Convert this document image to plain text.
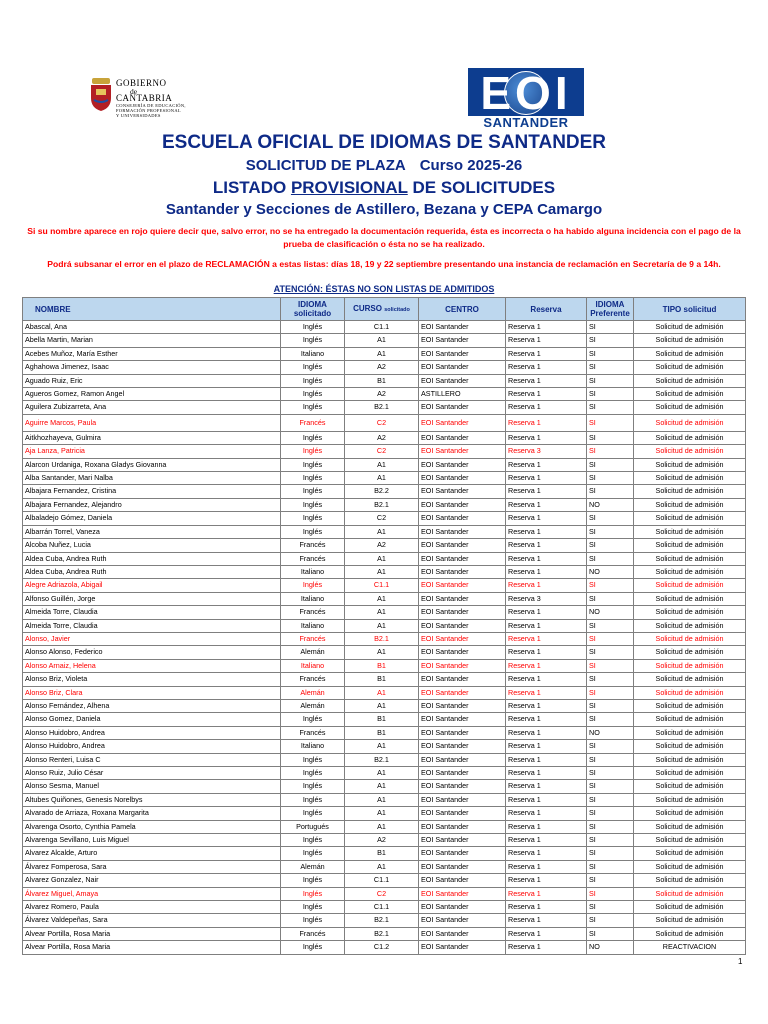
GOBIERNO
de
CANTABRIA
CONSEJERÍA DE EDUCACIÓN,
FORMACIÓN PROFESIONAL
Y UNIVERSIDADES	EOI
SANTANDER
ESCUELA OFICIAL DE IDIOMAS DE SANTANDER
SOLICITUD DE PLAZA Curso 2025-26
LISTADO PROVISIONAL DE SOLICITUDES
Santander y Secciones de Astillero, Bezana y CEPA Camargo
Si su nombre aparece en rojo quiere decir que, salvo error, no se ha entregado la documentación requerida, ésta es incorrecta o ha habido alguna incidencia con el pago de la prueba de clasificación o ésta no se ha realizado.
Podrá subsanar el error en el plazo de RECLAMACIÓN a estas listas: días 18, 19 y 22 septiembre presentando una instancia de reclamación en Secretaría de 9 a 14h.
ATENCIÓN: ÉSTAS NO SON LISTAS DE ADMITIDOS
NOMBRE	IDIOMA
solicitado	CURSO solicitado	CENTRO	Reserva	IDIOMA
Preferente	TIPO solicitud
Abascal, Ana	Inglés	C1.1	EOI Santander	Reserva 1	SI	Solicitud de admisión
Abella Martin, Marian	Inglés	A1	EOI Santander	Reserva 1	SI	Solicitud de admisión
Acebes Muñoz, María Esther	Italiano	A1	EOI Santander	Reserva 1	SI	Solicitud de admisión
Aghahowa Jimenez, Isaac	Inglés	A2	EOI Santander	Reserva 1	SI	Solicitud de admisión
Aguado Ruiz, Eric	Inglés	B1	EOI Santander	Reserva 1	SI	Solicitud de admisión
Agueros Gomez, Ramon Angel	Inglés	A2	ASTILLERO	Reserva 1	SI	Solicitud de admisión
Aguilera Zubizarreta, Ana	Inglés	B2.1	EOI Santander	Reserva 1	SI	Solicitud de admisión
Aguirre Marcos, Paula	Francés	C2	EOI Santander	Reserva 1	SI	Solicitud de admisión
Aitkhozhayeva, Gulmira	Inglés	A2	EOI Santander	Reserva 1	SI	Solicitud de admisión
Aja Lanza, Patricia	Inglés	C2	EOI Santander	Reserva 3	SI	Solicitud de admisión
Alarcon Urdaniga, Roxana Gladys Giovanna	Inglés	A1	EOI Santander	Reserva 1	SI	Solicitud de admisión
Alba Santander, Mari Nalba	Inglés	A1	EOI Santander	Reserva 1	SI	Solicitud de admisión
Albajara Fernandez, Cristina	Inglés	B2.2	EOI Santander	Reserva 1	SI	Solicitud de admisión
Albajara Fernandez, Alejandro	Inglés	B2.1	EOI Santander	Reserva 1	NO	Solicitud de admisión
Albaladejo Gómez, Daniela	Inglés	C2	EOI Santander	Reserva 1	SI	Solicitud de admisión
Albarrán Torrel, Vaneza	Inglés	A1	EOI Santander	Reserva 1	SI	Solicitud de admisión
Alcoba Nuñez, Lucia	Francés	A2	EOI Santander	Reserva 1	SI	Solicitud de admisión
Aldea Cuba, Andrea Ruth	Francés	A1	EOI Santander	Reserva 1	SI	Solicitud de admisión
Aldea Cuba, Andrea Ruth	Italiano	A1	EOI Santander	Reserva 1	NO	Solicitud de admisión
Alegre Adriazola, Abigail	Inglés	C1.1	EOI Santander	Reserva 1	SI	Solicitud de admisión
Alfonso Guillén, Jorge	Italiano	A1	EOI Santander	Reserva 3	SI	Solicitud de admisión
Almeida Torre, Claudia	Francés	A1	EOI Santander	Reserva 1	NO	Solicitud de admisión
Almeida Torre, Claudia	Italiano	A1	EOI Santander	Reserva 1	SI	Solicitud de admisión
Alonso, Javier	Francés	B2.1	EOI Santander	Reserva 1	SI	Solicitud de admisión
Alonso Alonso, Federico	Alemán	A1	EOI Santander	Reserva 1	SI	Solicitud de admisión
Alonso Arnaiz, Helena	Italiano	B1	EOI Santander	Reserva 1	SI	Solicitud de admisión
Alonso Briz, Violeta	Francés	B1	EOI Santander	Reserva 1	SI	Solicitud de admisión
Alonso Briz, Clara	Alemán	A1	EOI Santander	Reserva 1	SI	Solicitud de admisión
Alonso Fernández, Alhena	Alemán	A1	EOI Santander	Reserva 1	SI	Solicitud de admisión
Alonso Gomez, Daniela	Inglés	B1	EOI Santander	Reserva 1	SI	Solicitud de admisión
Alonso Huidobro, Andrea	Francés	B1	EOI Santander	Reserva 1	NO	Solicitud de admisión
Alonso Huidobro, Andrea	Italiano	A1	EOI Santander	Reserva 1	SI	Solicitud de admisión
Alonso Renteri, Luisa C	Inglés	B2.1	EOI Santander	Reserva 1	SI	Solicitud de admisión
Alonso Ruiz, Julio César	Inglés	A1	EOI Santander	Reserva 1	SI	Solicitud de admisión
Alonso Sesma, Manuel	Inglés	A1	EOI Santander	Reserva 1	SI	Solicitud de admisión
Altubes Quiñones, Genesis Norelbys	Inglés	A1	EOI Santander	Reserva 1	SI	Solicitud de admisión
Alvarado de Arriaza, Roxana Margarita	Inglés	A1	EOI Santander	Reserva 1	SI	Solicitud de admisión
Alvarenga Osorto, Cynthia Pamela	Portugués	A1	EOI Santander	Reserva 1	SI	Solicitud de admisión
Alvarenga Sevillano, Luis Miguel	Inglés	A2	EOI Santander	Reserva 1	SI	Solicitud de admisión
Alvarez Alcalde, Arturo	Inglés	B1	EOI Santander	Reserva 1	SI	Solicitud de admisión
Álvarez Fomperosa, Sara	Alemán	A1	EOI Santander	Reserva 1	SI	Solicitud de admisión
Alvarez Gonzalez, Nair	Inglés	C1.1	EOI Santander	Reserva 1	SI	Solicitud de admisión
Álvarez Miguel, Amaya	Inglés	C2	EOI Santander	Reserva 1	SI	Solicitud de admisión
Alvarez Romero, Paula	Inglés	C1.1	EOI Santander	Reserva 1	SI	Solicitud de admisión
Álvarez Valdepeñas, Sara	Inglés	B2.1	EOI Santander	Reserva 1	SI	Solicitud de admisión
Alvear Portilla, Rosa Maria	Francés	B2.1	EOI Santander	Reserva 1	SI	Solicitud de admisión
Alvear Portilla, Rosa Maria	Inglés	C1.2	EOI Santander	Reserva 1	NO	REACTIVACION
1
